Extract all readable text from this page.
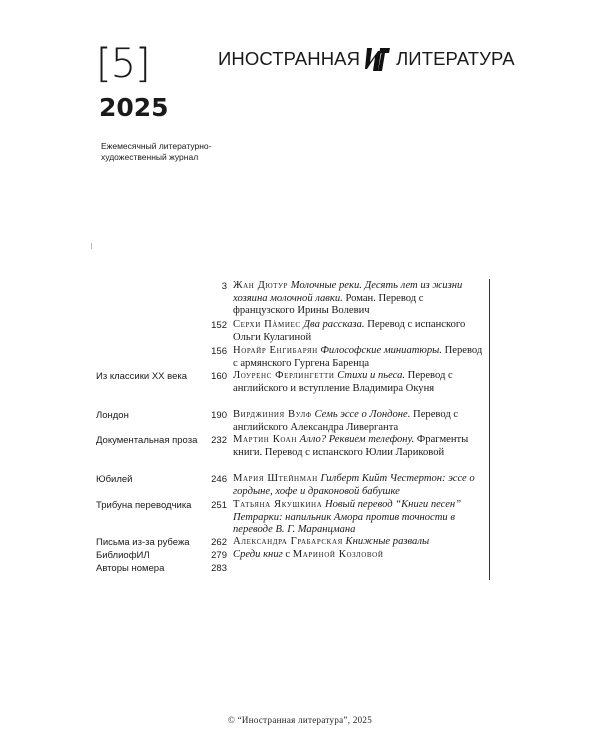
[5]
2025
Ежемесячный литературно-художественный журнал
ИНОСТРАННАЯ ЛИТЕРАТУРА
3 Жан Дютур Молочные реки. Десять лет из жизни хозяина молочной лавки. Роман. Перевод с французского Ирины Волевич
152 Серхи Пàмиес Два рассказа. Перевод с испанского Ольги Кулагиной
156 Норайр Енгибарян Философские миниатюры. Перевод с армянского Гургена Баренца
Из классики ХХ века	160 Лоуренс Ферлингетти Стихи и пьеса. Перевод с английского и вступление Владимира Окуня
Лондон	190 Вирджиния Вулф Семь эссе о Лондоне. Перевод с английского Александра Ливерганта
Документальная проза	232 Мартин Коан Алло? Реквием телефону. Фрагменты книги. Перевод с испанского Юлии Лариковой
Юбилей	246 Мария Штейнман Гилберт Кийт Честертон: эссе о гордыне, хофе и драконовой бабушке
Трибуна переводчика	251 Татьяна Якушкина Новый перевод “Книги песен” Петрарки: напильник Амора против точности в переводе В. Г. Маранцмана
Письма из-за рубежа	262 Александра Грабарская Книжные развалы
БиблиофИЛ	279 Среди книг с Мариной Козловой
Авторы номера	283
© “Иностранная литература”, 2025
